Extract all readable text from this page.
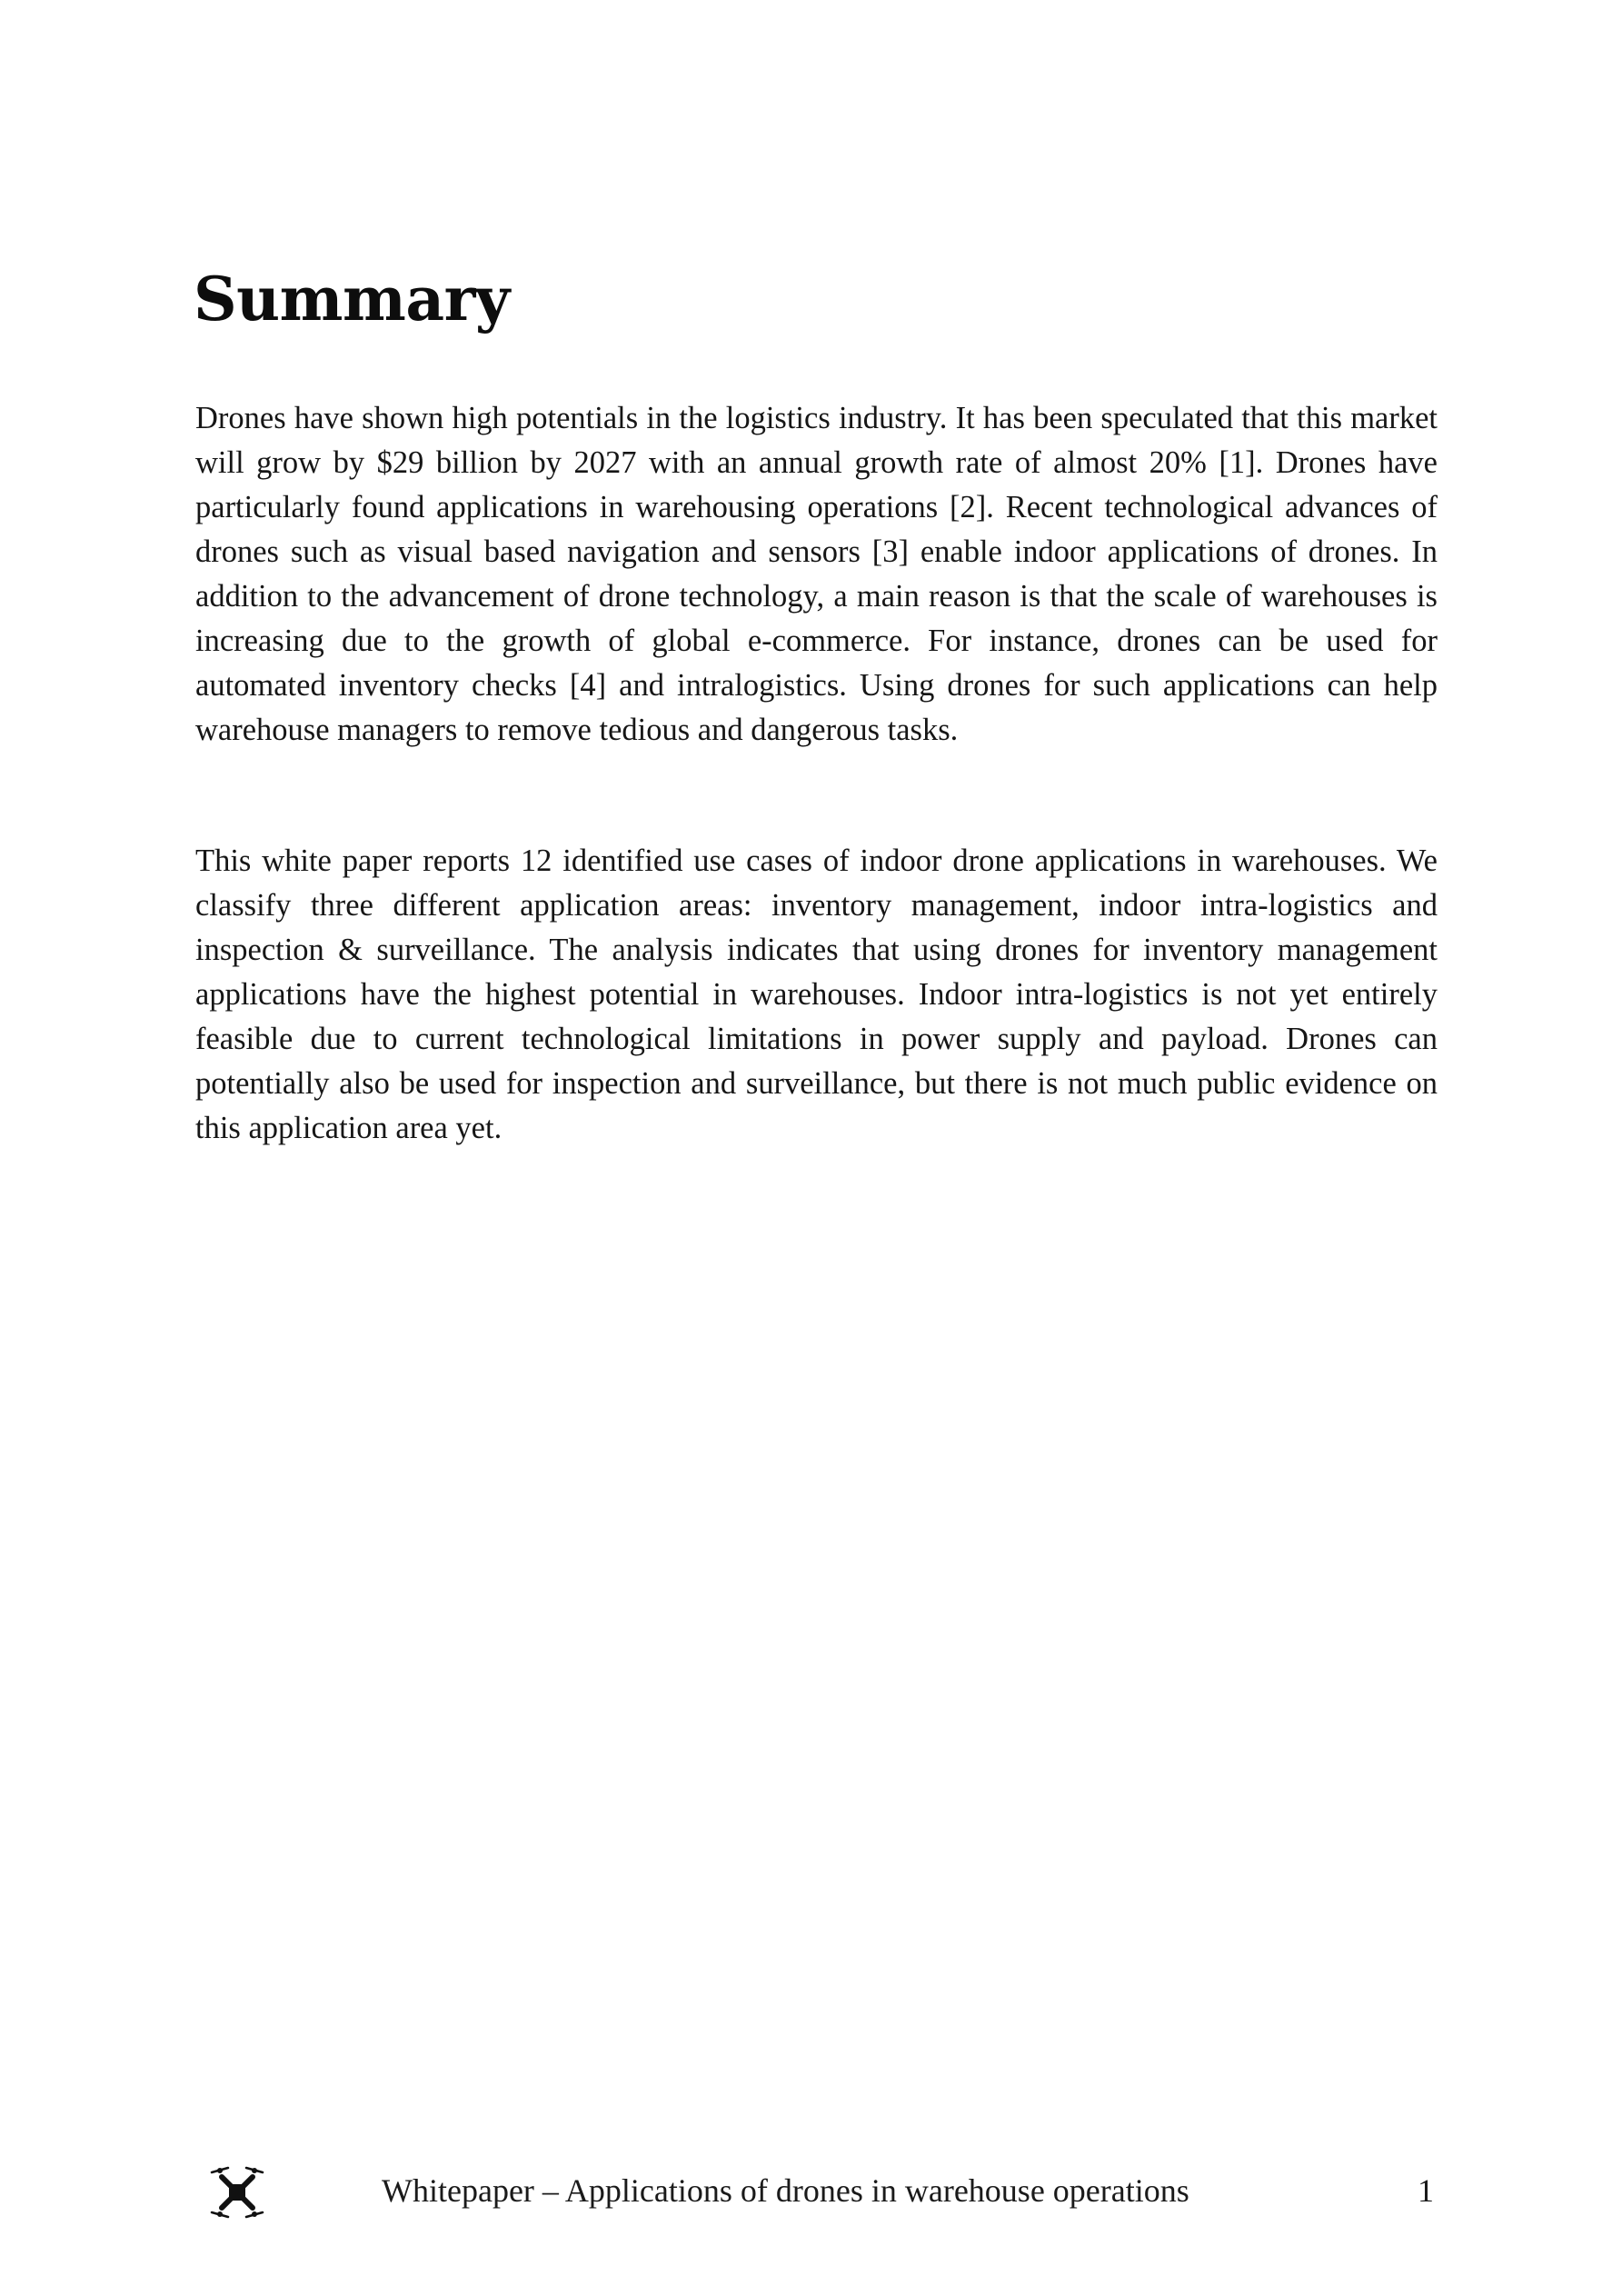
Summary

Drones have shown high potentials in the logistics industry. It has been speculated that this market will grow by $29 billion by 2027 with an annual growth rate of almost 20% [1]. Drones have particularly found applications in warehousing operations [2]. Recent technological advances of drones such as visual based navigation and sensors [3] enable indoor applications of drones. In addition to the advancement of drone technology, a main reason is that the scale of warehouses is increasing due to the growth of global e-commerce. For instance, drones can be used for automated inventory checks [4] and intralogistics. Using drones for such applications can help warehouse managers to remove tedious and dangerous tasks.

This white paper reports 12 identified use cases of indoor drone applications in warehouses. We classify three different application areas: inventory management, indoor intra-logistics and inspection & surveillance. The analysis indicates that using drones for inventory management applications have the highest potential in warehouses. Indoor intra-logistics is not yet entirely feasible due to current technological limitations in power supply and payload. Drones can potentially also be used for inspection and surveillance, but there is not much public evidence on this application area yet.

Whitepaper – Applications of drones in warehouse operations	1
